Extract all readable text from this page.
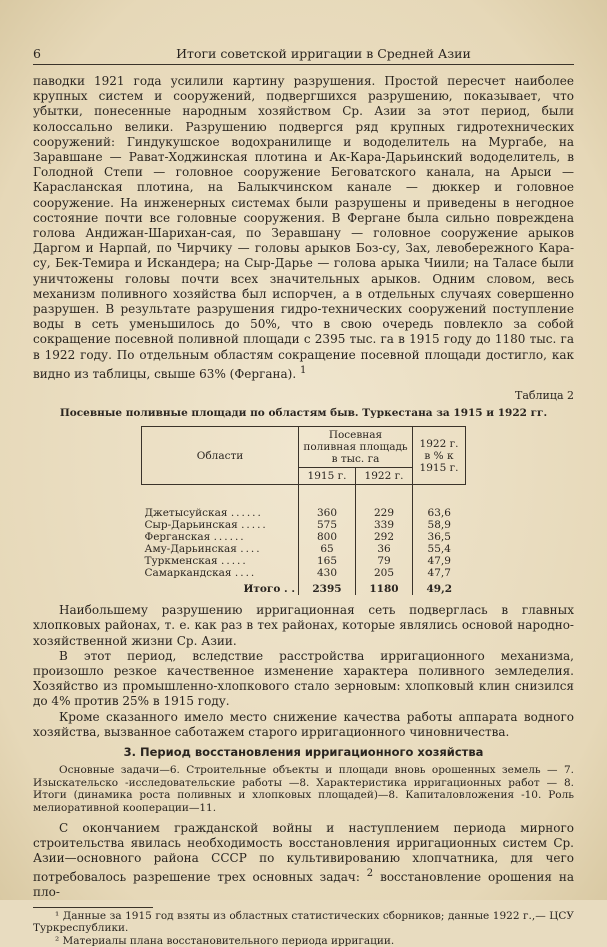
6	Итоги советской ирригации в Средней Азии

паводки 1921 года усилили картину разрушения. Простой пересчет наиболее крупных систем и сооружений, подвергшихся разрушению, показывает, что убытки, понесенные народным хозяйством Ср. Азии за этот период, были колоссально велики. Разрушению подвергся ряд крупных гидротехнических сооружений: Гиндукушское водохранилище и вододелитель на Мургабе, на Заравшане — Рават-Ходжинская плотина и Ак-Кара-Дарьинский вододелитель, в Голодной Степи — головное сооружение Беговатского канала, на Арыси — Карасланская плотина, на Балыкчинском канале — дюккер и головное сооружение. На инженерных системах были разрушены и приведены в негодное состояние почти все головные сооружения. В Фергане была сильно повреждена голова Андижан-Шарихан-сая, по Зеравшану — головное сооружение арыков Даргом и Нарпай, по Чирчику — головы арыков Боз-су, Зах, левобережного Кара-су, Бек-Темира и Искандера; на Сыр-Дарье — голова арыка Чиили; на Таласе были уничтожены головы почти всех значительных арыков. Одним словом, весь механизм поливного хозяйства был испорчен, а в отдельных случаях совершенно разрушен. В результате разрушения гидро-технических сооружений поступление воды в сеть уменьшилось до 50%, что в свою очередь повлекло за собой сокращение посевной поливной площади с 2395 тыс. га в 1915 году до 1180 тыс. га в 1922 году. По отдельным областям сокращение посевной площади достигло, как видно из таблицы, свыше 63% (Фергана). $^1$

Таблица 2
Посевные поливные площади по областям быв. Туркестана за 1915 и 1922 гг.
Области	Посевная поливная площадь в тыс. га		1922 г. в % к 1915 г.
	1915 г.	1922 г.	
Джетысуйская ......	360	229	63,6
Сыр-Дарьинская .....	575	339	58,9
Ферганская ......	800	292	36,5
Аму-Дарьинская ....	65	36	55,4
Туркменская .....	165	79	47,9
Самаркандская ....	430	205	47,7
Итого . .	2395	1180	49,2

Наибольшему разрушению ирригационная сеть подверглась в главных хлопковых районах, т. е. как раз в тех районах, которые являлись основой народно-хозяйственной жизни Ср. Азии.

В этот период, вследствие расстройства ирригационного механизма, произошло резкое качественное изменение характера поливного земледелия. Хозяйство из промышленно-хлопкового стало зерновым: хлопковый клин снизился до 4% против 25% в 1915 году.

Кроме сказанного имело место снижение качества работы аппарата водного хозяйства, вызванное саботажем старого ирригационного чиновничества.

3. Период восстановления ирригационного хозяйства

Основные задачи—6. Строительные объекты и площади вновь орошенных земель — 7. Изыскательско -исследовательские работы —8. Характеристика ирригационных работ — 8. Итоги (динамика роста поливных и хлопковых площадей)—8. Капиталовложения -10. Роль мелиоративной кооперации—11.

С окончанием гражданской войны и наступлением периода мирного строительства явилась необходимость восстановления ирригационных систем Ср. Азии—основного района СССР по культивированию хлопчатника, для чего потребовалось разрешение трех основных задач: $^2$ восстановление орошения на пло-

¹ Данные за 1915 год взяты из областных статистических сборников; данные 1922 г.,— ЦСУ Туркреспублики.

² Материалы плана восстановительного периода ирригации.
